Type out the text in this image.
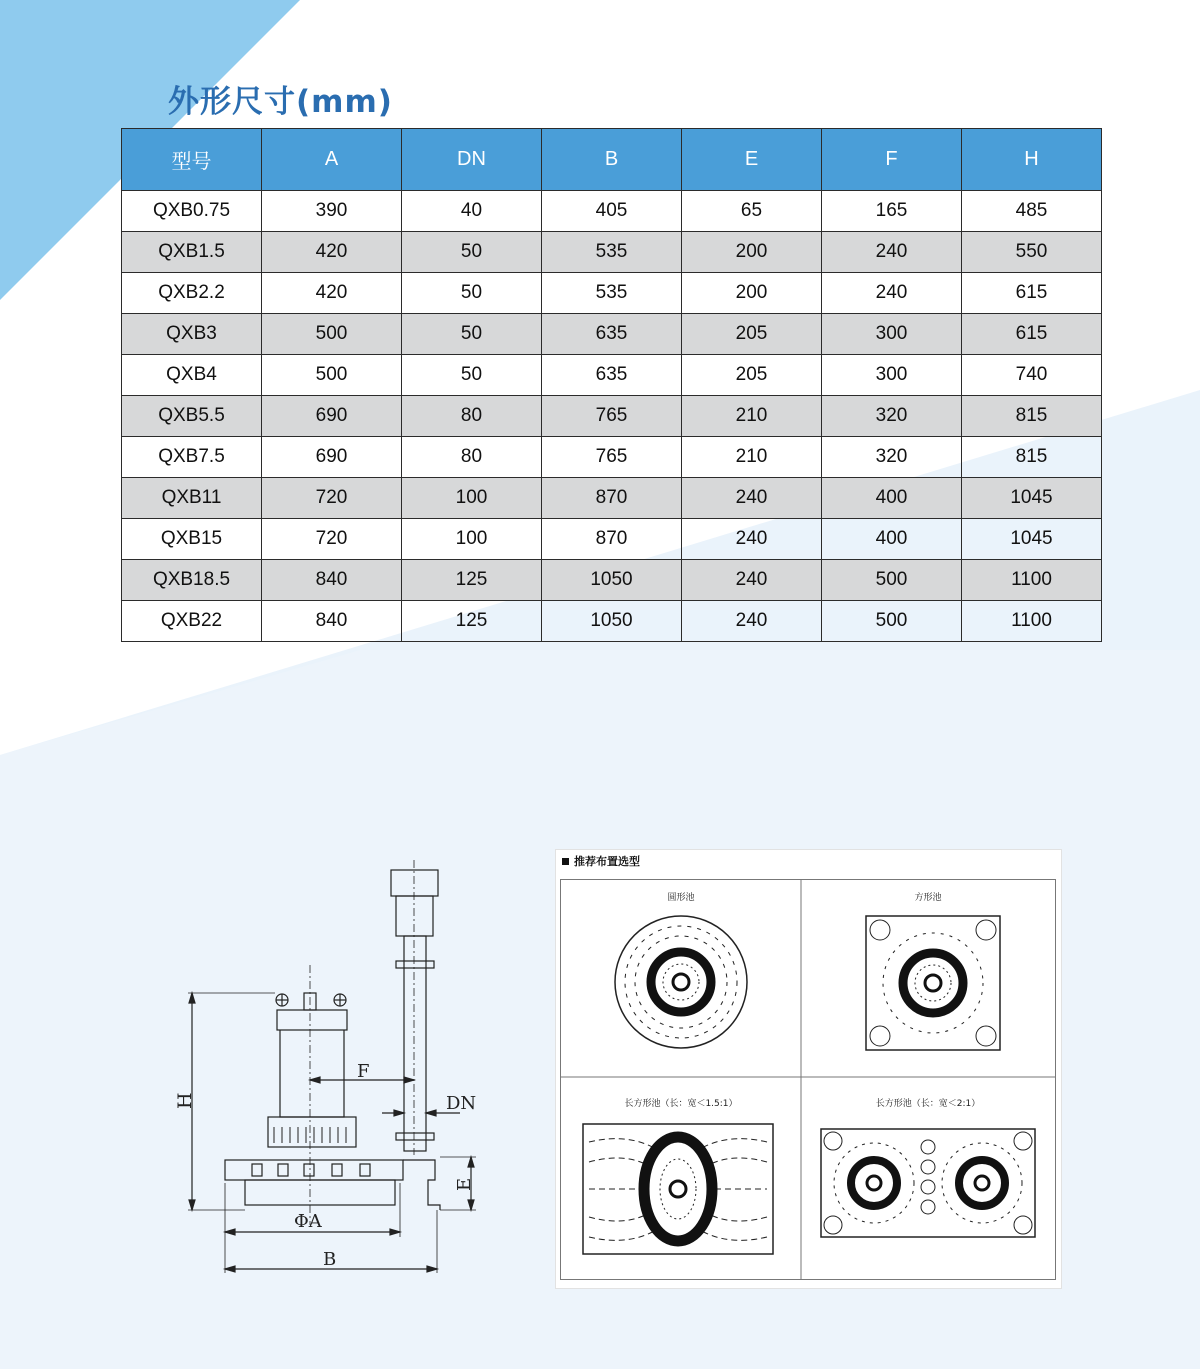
外形尺寸(mm)
型号	A	DN	B	E	F	H
QXB0.75	390	40	405	65	165	485
QXB1.5	420	50	535	200	240	550
QXB2.2	420	50	535	200	240	615
QXB3	500	50	635	205	300	615
QXB4	500	50	635	205	300	740
QXB5.5	690	80	765	210	320	815
QXB7.5	690	80	765	210	320	815
QXB11	720	100	870	240	400	1045
QXB15	720	100	870	240	400	1045
QXB18.5	840	125	1050	240	500	1100
QXB22	840	125	1050	240	500	1100
H
F
DN
E
ΦA
B
推荐布置选型
圆形池	方形池
长方形池（长：宽＜1.5:1）	长方形池（长：宽＜2:1）
